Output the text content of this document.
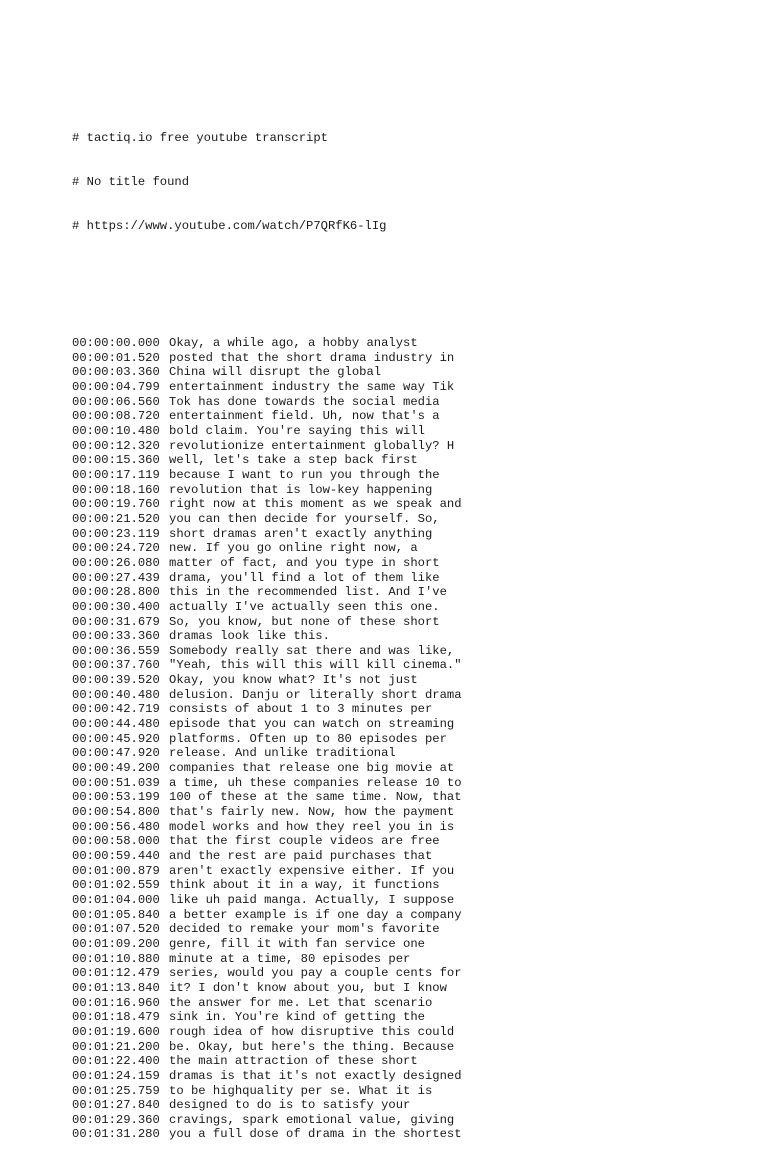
# tactiq.io free youtube transcript

# No title found

# https://www.youtube.com/watch/P7QRfK6-lIg

00:00:00.000 Okay, a while ago, a hobby analyst
00:00:01.520 posted that the short drama industry in
00:00:03.360 China will disrupt the global
00:00:04.799 entertainment industry the same way Tik
00:00:06.560 Tok has done towards the social media
00:00:08.720 entertainment field. Uh, now that's a
00:00:10.480 bold claim. You're saying this will
00:00:12.320 revolutionize entertainment globally? H
00:00:15.360 well, let's take a step back first
00:00:17.119 because I want to run you through the
00:00:18.160 revolution that is low-key happening
00:00:19.760 right now at this moment as we speak and
00:00:21.520 you can then decide for yourself. So,
00:00:23.119 short dramas aren't exactly anything
00:00:24.720 new. If you go online right now, a
00:00:26.080 matter of fact, and you type in short
00:00:27.439 drama, you'll find a lot of them like
00:00:28.800 this in the recommended list. And I've
00:00:30.400 actually I've actually seen this one.
00:00:31.679 So, you know, but none of these short
00:00:33.360 dramas look like this.
00:00:36.559 Somebody really sat there and was like,
00:00:37.760 "Yeah, this will this will kill cinema."
00:00:39.520 Okay, you know what? It's not just
00:00:40.480 delusion. Danju or literally short drama
00:00:42.719 consists of about 1 to 3 minutes per
00:00:44.480 episode that you can watch on streaming
00:00:45.920 platforms. Often up to 80 episodes per
00:00:47.920 release. And unlike traditional
00:00:49.200 companies that release one big movie at
00:00:51.039 a time, uh these companies release 10 to
00:00:53.199 100 of these at the same time. Now, that
00:00:54.800 that's fairly new. Now, how the payment
00:00:56.480 model works and how they reel you in is
00:00:58.000 that the first couple videos are free
00:00:59.440 and the rest are paid purchases that
00:01:00.879 aren't exactly expensive either. If you
00:01:02.559 think about it in a way, it functions
00:01:04.000 like uh paid manga. Actually, I suppose
00:01:05.840 a better example is if one day a company
00:01:07.520 decided to remake your mom's favorite
00:01:09.200 genre, fill it with fan service one
00:01:10.880 minute at a time, 80 episodes per
00:01:12.479 series, would you pay a couple cents for
00:01:13.840 it? I don't know about you, but I know
00:01:16.960 the answer for me. Let that scenario
00:01:18.479 sink in. You're kind of getting the
00:01:19.600 rough idea of how disruptive this could
00:01:21.200 be. Okay, but here's the thing. Because
00:01:22.400 the main attraction of these short
00:01:24.159 dramas is that it's not exactly designed
00:01:25.759 to be highquality per se. What it is
00:01:27.840 designed to do is to satisfy your
00:01:29.360 cravings, spark emotional value, giving
00:01:31.280 you a full dose of drama in the shortest
